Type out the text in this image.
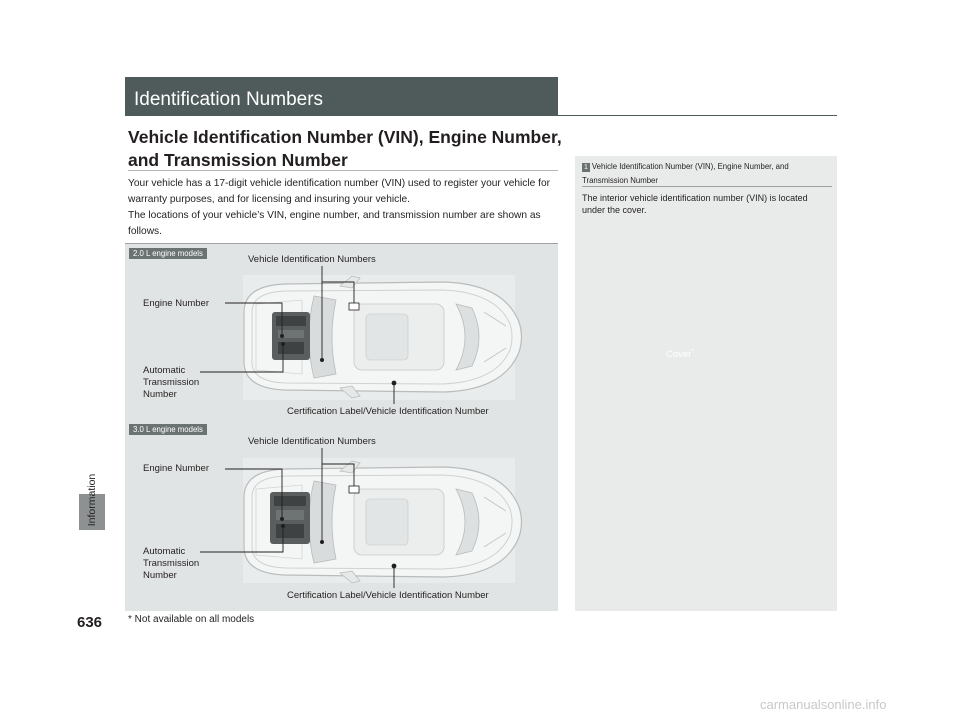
Information
636
Identification Numbers
Vehicle Identification Number (VIN), Engine Number, and Transmission Number
Your vehicle has a 17-digit vehicle identification number (VIN) used to register your vehicle for warranty purposes, and for licensing and insuring your vehicle.
The locations of your vehicle’s VIN, engine number, and transmission number are shown as follows.
2.0 L engine models
Vehicle Identification Numbers
Engine Number
Automatic
Transmission
Number
Certification Label/Vehicle Identification Number
3.0 L engine models
Vehicle Identification Numbers
Engine Number
Automatic
Transmission
Number
Certification Label/Vehicle Identification Number
1 Vehicle Identification Number (VIN), Engine Number, and Transmission Number
The interior vehicle identification number (VIN) is located under the cover.
Cover*
* Not available on all models
carmanualsonline.info
